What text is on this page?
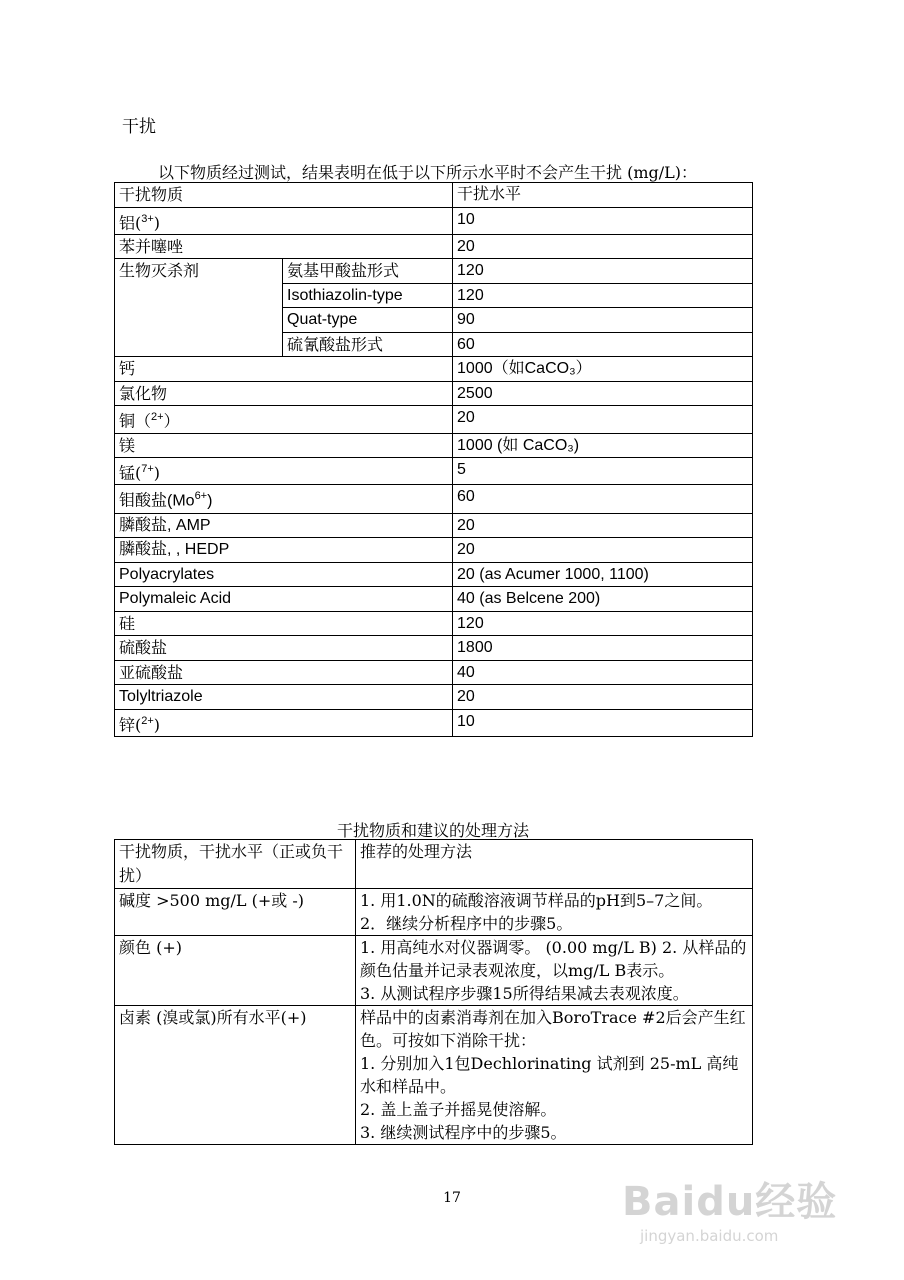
干扰
以下物质经过测试，结果表明在低于以下所示水平时不会产生干扰 (mg/L)：
干扰物质		干扰水平
铝($^{3+}$)		10
苯并噻唑		20
生物灭杀剂	氨基甲酸盐形式	120
	Isothiazolin-type	120
	Quat-type	90
	硫氰酸盐形式	60
钙		1000（如CaCO₃）
氯化物		2500
铜（$^{2+}$）		20
镁		1000 (如 CaCO₃)
锰($^{7+}$)		5
钼酸盐$(Mo^{6+})$		60
膦酸盐, AMP		20
膦酸盐, , HEDP		20
Polyacrylates		20 (as Acumer 1000, 1100)
Polymaleic Acid		40 (as Belcene 200)
硅		120
硫酸盐		1800
亚硫酸盐		40
Tolyltriazole		20
锌($^{2+}$)		10
干扰物质和建议的处理方法
干扰物质，干扰水平（正或负干扰）	推荐的处理方法
碱度 >500 mg/L (+或 -)	1. 用1.0N的硫酸溶液调节样品的pH到5–7之间。
2．继续分析程序中的步骤5。

颜色 (+)	1. 用高纯水对仪器调零。 (0.00 mg/L B) 2. 从样品的颜色估量并记录表观浓度，以mg/L B表示。
3. 从测试程序步骤15所得结果减去表观浓度。

卤素 (溴或氯)所有水平(+)	样品中的卤素消毒剂在加入BoroTrace #2后会产生红色。可按如下消除干扰：
1. 分别加入1包Dechlorinating 试剂到 25-mL 高纯水和样品中。
2. 盖上盖子并摇晃使溶解。
3. 继续测试程序中的步骤5。
17	Baidu经验
jingyan.baidu.com
